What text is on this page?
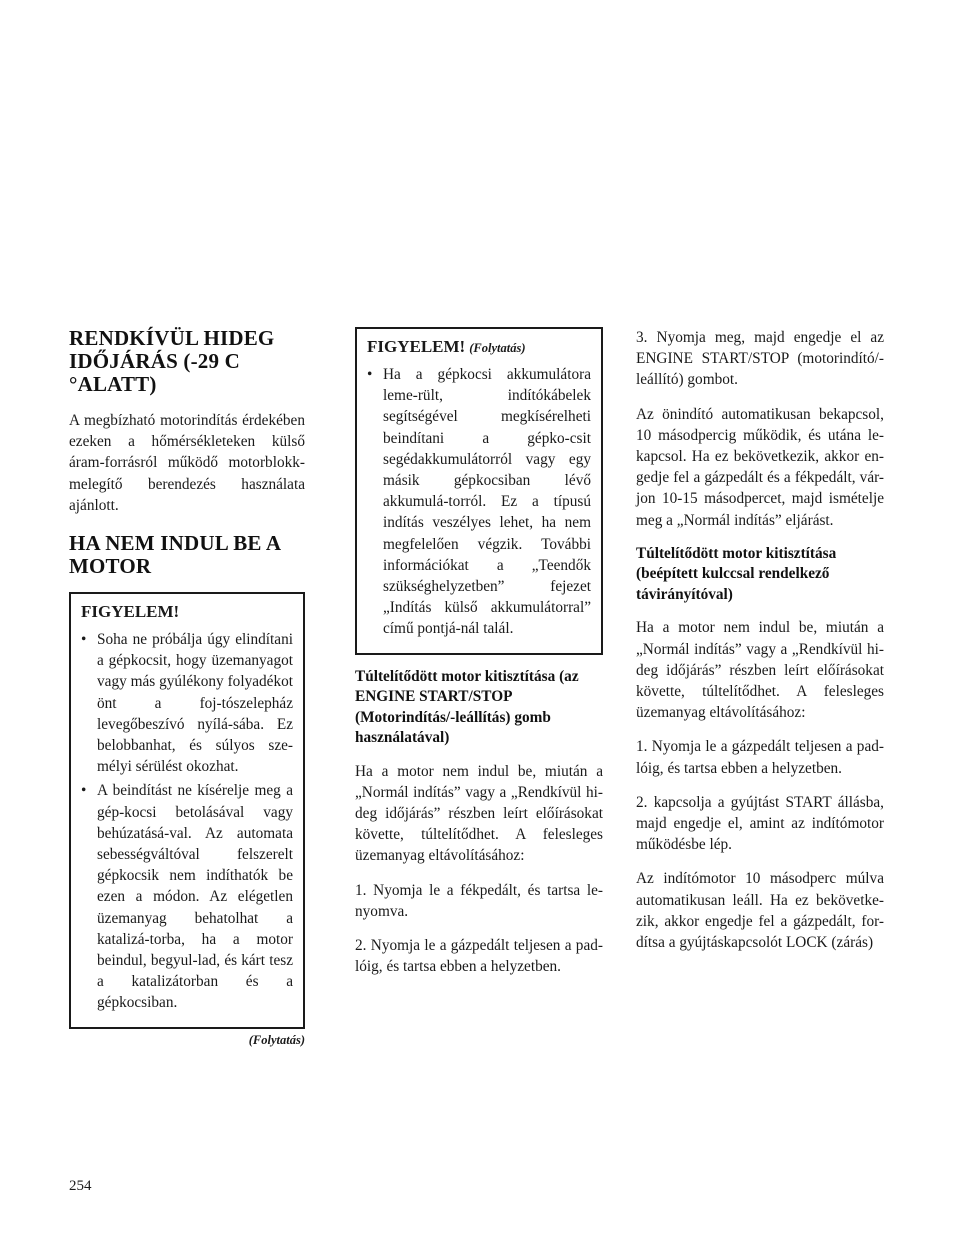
RENDKÍVÜL HIDEG IDŐJÁRÁS (-29 C °ALATT)

A megbízható motorindítás érdekében ezeken a hőmérsékleteken külső áram-forrásról működő motorblokk-melegítő berendezés használata ajánlott.

HA NEM INDUL BE A MOTOR
FIGYELEM!
• Soha ne próbálja úgy elindítani a gépkocsit, hogy üzemanyagot vagy más gyúlékony folyadékot önt a foj-tószelepház levegőbeszívó nyílá-sába. Ez belobbanhat, és súlyos sze-mélyi sérülést okozhat.
• A beindítást ne kísérelje meg a gép-kocsi betolásával vagy behúzatásá-val. Az automata sebességváltóval felszerelt gépkocsik nem indíthatók be ezen a módon. Az elégetlen üzemanyag behatolhat a katalizá-torba, ha a motor beindul, begyul-lad, és kárt tesz a katalizátorban és a gépkocsiban.
(Folytatás)
FIGYELEM! (Folytatás)
• Ha a gépkocsi akkumulátora leme-rült, indítókábelek segítségével megkísérelheti beindítani a gépko-csit segédakkumulátorról vagy egy másik gépkocsiban lévő akkumulá-torról. Ez a típusú indítás veszélyes lehet, ha nem megfelelően végzik. További információkat a „Teendők szükséghelyzetben” fejezet „Indítás külső akkumulátorral” című pontjá-nál talál.
Túltelítődött motor kitisztítása (az ENGINE START/STOP (Motorindítás/-leállítás) gomb használatával)

Ha a motor nem indul be, miután a „Normál indítás” vagy a „Rendkívül hi-deg időjárás” részben leírt előírásokat követte, túltelítődhet. A felesleges üzemanyag eltávolításához:

1. Nyomja le a fékpedált, és tartsa le-nyomva.

2. Nyomja le a gázpedált teljesen a pad-lóig, és tartsa ebben a helyzetben.

3. Nyomja meg, majd engedje el az ENGINE START/STOP (motorindító/-leállító) gombot.

Az önindító automatikusan bekapcsol, 10 másodpercig működik, és utána le-kapcsol. Ha ez bekövetkezik, akkor en-gedje fel a gázpedált és a fékpedált, vár-jon 10-15 másodpercet, majd ismételje meg a „Normál indítás” eljárást.

Túltelítődött motor kitisztítása (beépített kulccsal rendelkező távirányítóval)

Ha a motor nem indul be, miután a „Normál indítás” vagy a „Rendkívül hi-deg időjárás” részben leírt előírásokat követte, túltelítődhet. A felesleges üzemanyag eltávolításához:

1. Nyomja le a gázpedált teljesen a pad-lóig, és tartsa ebben a helyzetben.

2. kapcsolja a gyújtást START állásba, majd engedje el, amint az indítómotor működésbe lép.

Az indítómotor 10 másodperc múlva automatikusan leáll. Ha ez bekövetke-zik, akkor engedje fel a gázpedált, for-dítsa a gyújtáskapcsolót LOCK (zárás)

254
